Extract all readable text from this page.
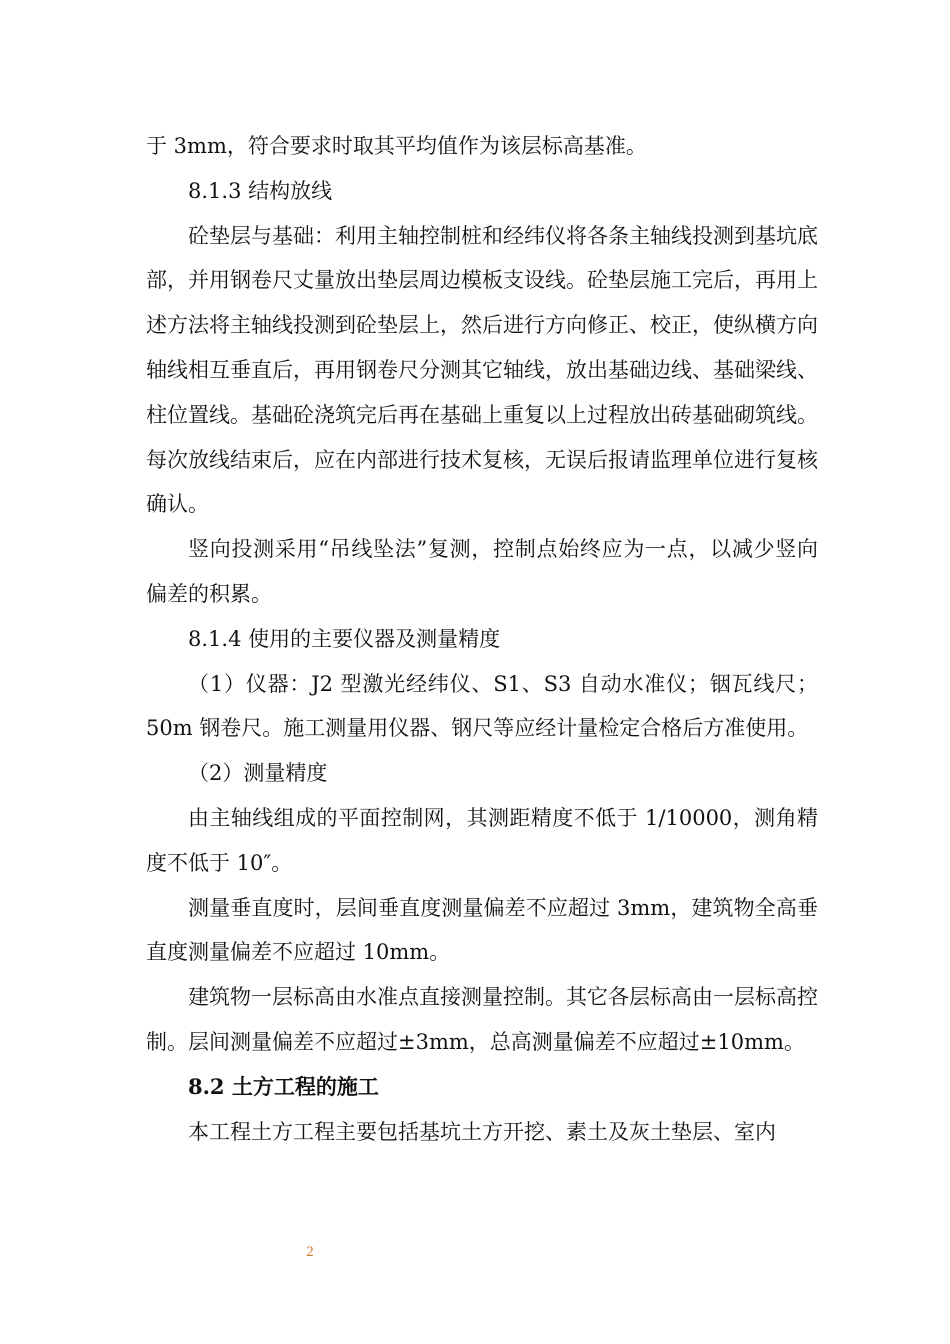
于 3mm，符合要求时取其平均值作为该层标高基准。

8.1.3 结构放线

砼垫层与基础：利用主轴控制桩和经纬仪将各条主轴线投测到基坑底部，并用钢卷尺丈量放出垫层周边模板支设线。砼垫层施工完后，再用上述方法将主轴线投测到砼垫层上，然后进行方向修正、校正，使纵横方向轴线相互垂直后，再用钢卷尺分测其它轴线，放出基础边线、基础梁线、柱位置线。基础砼浇筑完后再在基础上重复以上过程放出砖基础砌筑线。每次放线结束后，应在内部进行技术复核，无误后报请监理单位进行复核确认。

竖向投测采用“吊线坠法”复测，控制点始终应为一点，以减少竖向偏差的积累。

8.1.4 使用的主要仪器及测量精度

（1）仪器：J2 型激光经纬仪、S1、S3 自动水准仪；铟瓦线尺；50m 钢卷尺。施工测量用仪器、钢尺等应经计量检定合格后方准使用。

（2）测量精度

由主轴线组成的平面控制网，其测距精度不低于 1/10000，测角精度不低于 10″。

测量垂直度时，层间垂直度测量偏差不应超过 3mm，建筑物全高垂直度测量偏差不应超过 10mm。

建筑物一层标高由水准点直接测量控制。其它各层标高由一层标高控制。层间测量偏差不应超过±3mm，总高测量偏差不应超过±10mm。

8.2 土方工程的施工

本工程土方工程主要包括基坑土方开挖、素土及灰土垫层、室内

2
